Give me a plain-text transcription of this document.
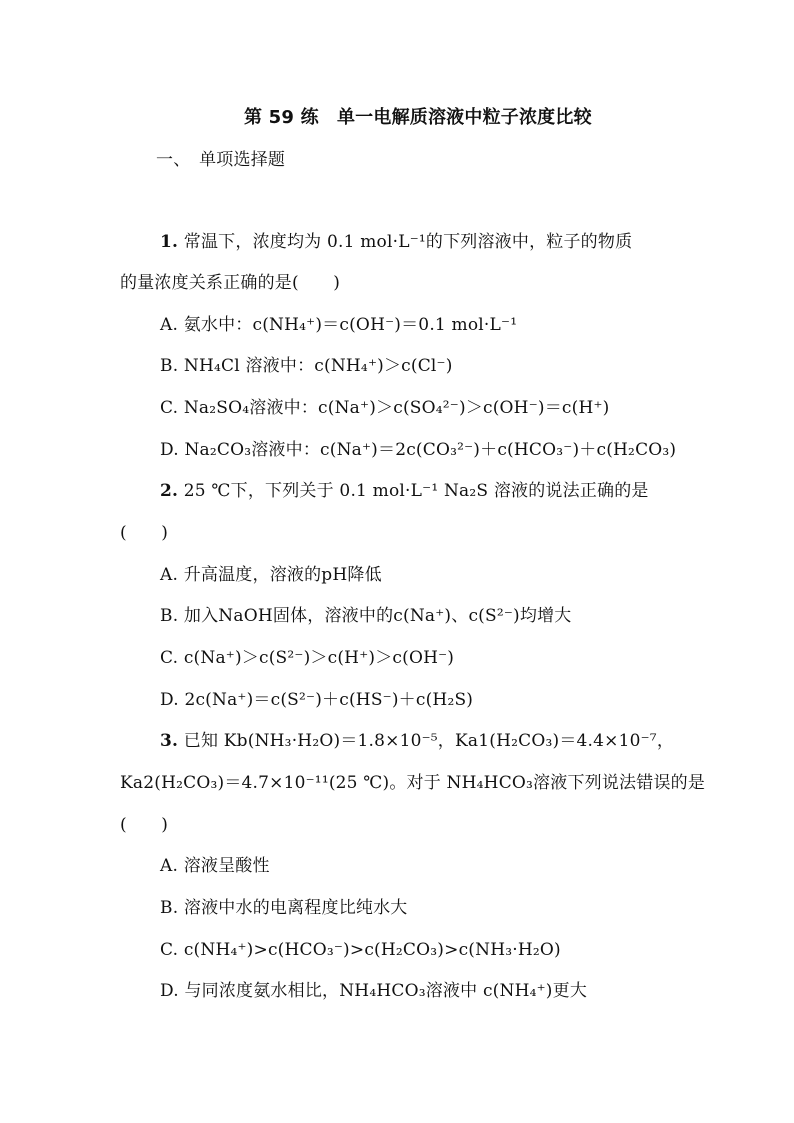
第 59 练　单一电解质溶液中粒子浓度比较
一、　单项选择题
1. 常温下，浓度均为 0.1 mol·L⁻¹的下列溶液中，粒子的物质
的量浓度关系正确的是(　　)
A. 氨水中：c(NH₄⁺)＝c(OH⁻)＝0.1 mol·L⁻¹
B. NH₄Cl 溶液中：c(NH₄⁺)＞c(Cl⁻)
C. Na₂SO₄溶液中：c(Na⁺)＞c(SO₄²⁻)＞c(OH⁻)＝c(H⁺)
D. Na₂CO₃溶液中：c(Na⁺)＝2c(CO₃²⁻)＋c(HCO₃⁻)＋c(H₂CO₃)
2. 25 ℃下，下列关于 0.1 mol·L⁻¹ Na₂S 溶液的说法正确的是
(　　)
A. 升高温度，溶液的pH降低
B. 加入NaOH固体，溶液中的c(Na⁺)、c(S²⁻)均增大
C. c(Na⁺)＞c(S²⁻)＞c(H⁺)＞c(OH⁻)
D. 2c(Na⁺)＝c(S²⁻)＋c(HS⁻)＋c(H₂S)
3. 已知 Kb(NH₃·H₂O)＝1.8×10⁻⁵，Ka1(H₂CO₃)＝4.4×10⁻⁷，
Ka2(H₂CO₃)＝4.7×10⁻¹¹(25 ℃)。对于 NH₄HCO₃溶液下列说法错误的是
(　　)
A. 溶液呈酸性
B. 溶液中水的电离程度比纯水大
C. c(NH₄⁺)>c(HCO₃⁻)>c(H₂CO₃)>c(NH₃·H₂O)
D. 与同浓度氨水相比，NH₄HCO₃溶液中 c(NH₄⁺)更大
